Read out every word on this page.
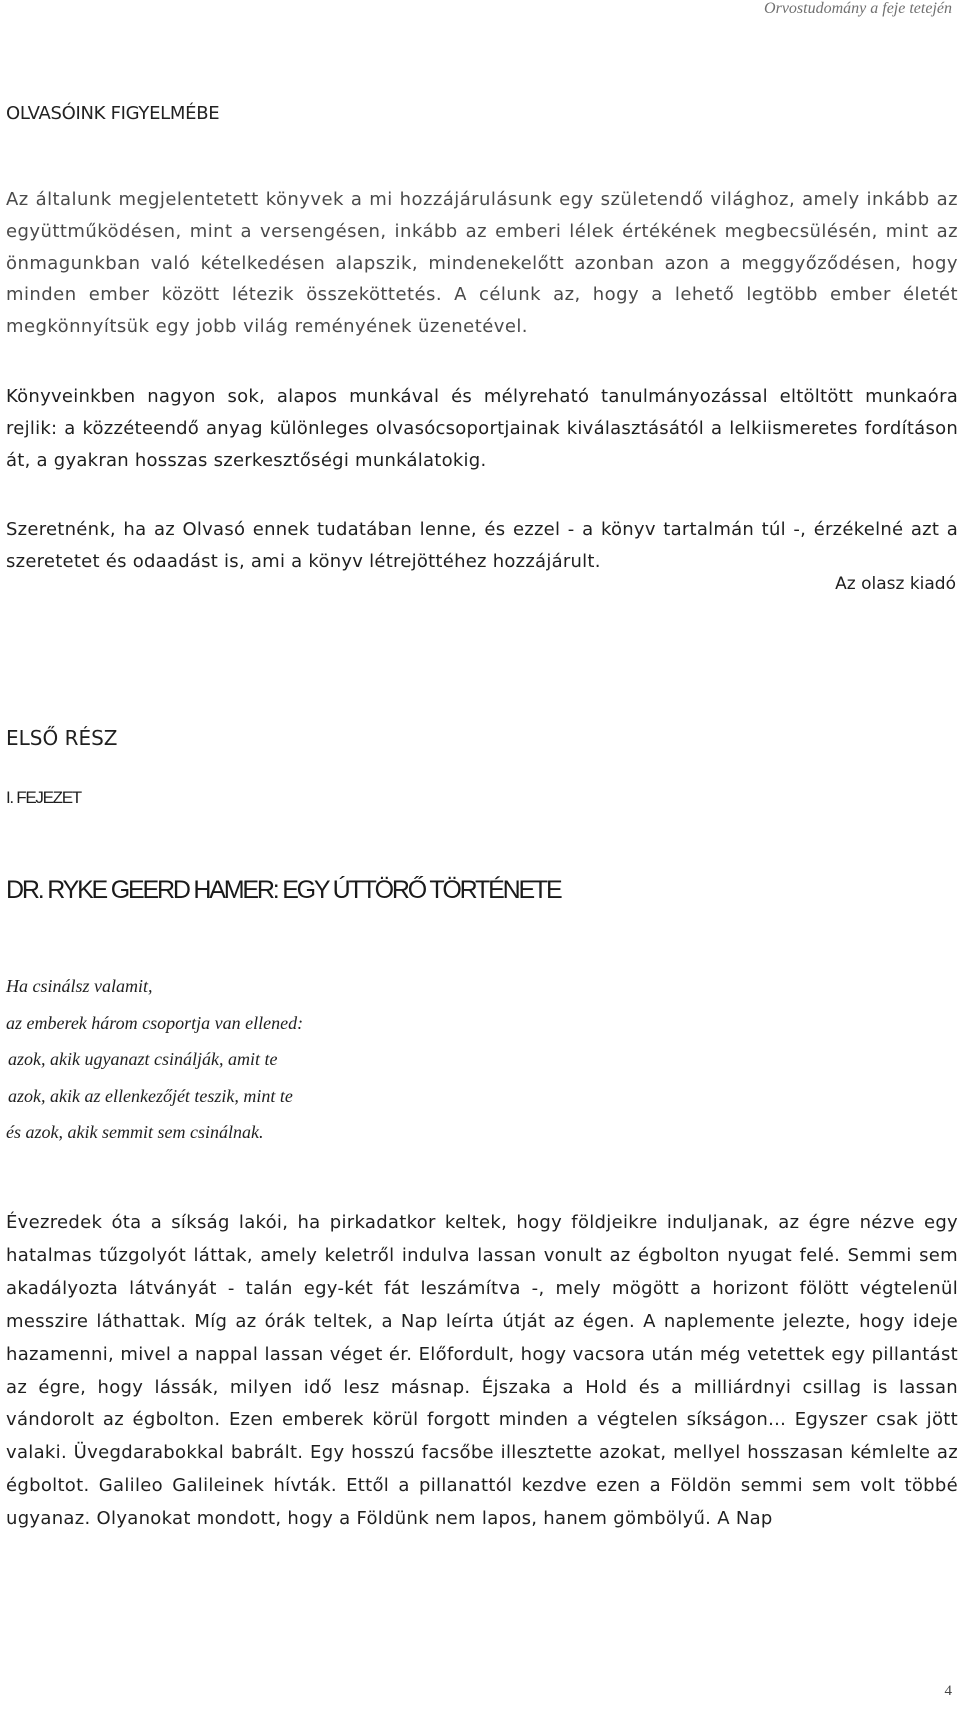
Orvostudomány a feje tetején
OLVASÓINK FIGYELMÉBE

Az általunk megjelentetett könyvek a mi hozzájárulásunk egy születendő világhoz, amely inkább az együttműködésen, mint a versengésen, inkább az emberi lélek értékének megbecsülésén, mint az önmagunkban való kételkedésen alapszik, mindenekelőtt azonban azon a meggyőződésen, hogy minden ember között létezik összeköttetés. A célunk az, hogy a lehető legtöbb ember életét megkönnyítsük egy jobb világ reményének üzenetével.

Könyveinkben nagyon sok, alapos munkával és mélyreható tanulmányozással eltöltött munkaóra rejlik: a közzéteendő anyag különleges olvasócsoportjainak kiválasztásától a lelkiismeretes fordításon át, a gyakran hosszas szerkesztőségi munkálatokig.

Szeretnénk, ha az Olvasó ennek tudatában lenne, és ezzel - a könyv tartalmán túl -, érzékelné azt a szeretetet és odaadást is, ami a könyv létrejöttéhez hozzájárult.

Az olasz kiadó
ELSŐ RÉSZ
I. FEJEZET
DR. RYKE GEERD HAMER: EGY ÚTTÖRŐ TÖRTÉNETE
Ha csinálsz valamit,
az emberek három csoportja van ellened:
azok, akik ugyanazt csinálják, amit te
azok, akik az ellenkezőjét teszik, mint te
és azok, akik semmit sem csinálnak.

Évezredek óta a síkság lakói, ha pirkadatkor keltek, hogy földjeikre induljanak, az égre nézve egy hatalmas tűzgolyót láttak, amely keletről indulva lassan vonult az égbolton nyugat felé. Semmi sem akadályozta látványát - talán egy-két fát leszámítva -, mely mögött a horizont fölött végtelenül messzire láthattak. Míg az órák teltek, a Nap leírta útját az égen. A naplemente jelezte, hogy ideje hazamenni, mivel a nappal lassan véget ér. Előfordult, hogy vacsora után még vetettek egy pillantást az égre, hogy lássák, milyen idő lesz másnap. Éjszaka a Hold és a milliárdnyi csillag is lassan vándorolt az égbolton. Ezen emberek körül forgott minden a végtelen síkságon... Egyszer csak jött valaki. Üvegdarabokkal babrált. Egy hosszú facsőbe illesztette azokat, mellyel hosszasan kémlelte az égboltot. Galileo Galileinek hívták. Ettől a pillanattól kezdve ezen a Földön semmi sem volt többé ugyanaz. Olyanokat mondott, hogy a Földünk nem lapos, hanem gömbölyű. A Nap

4
